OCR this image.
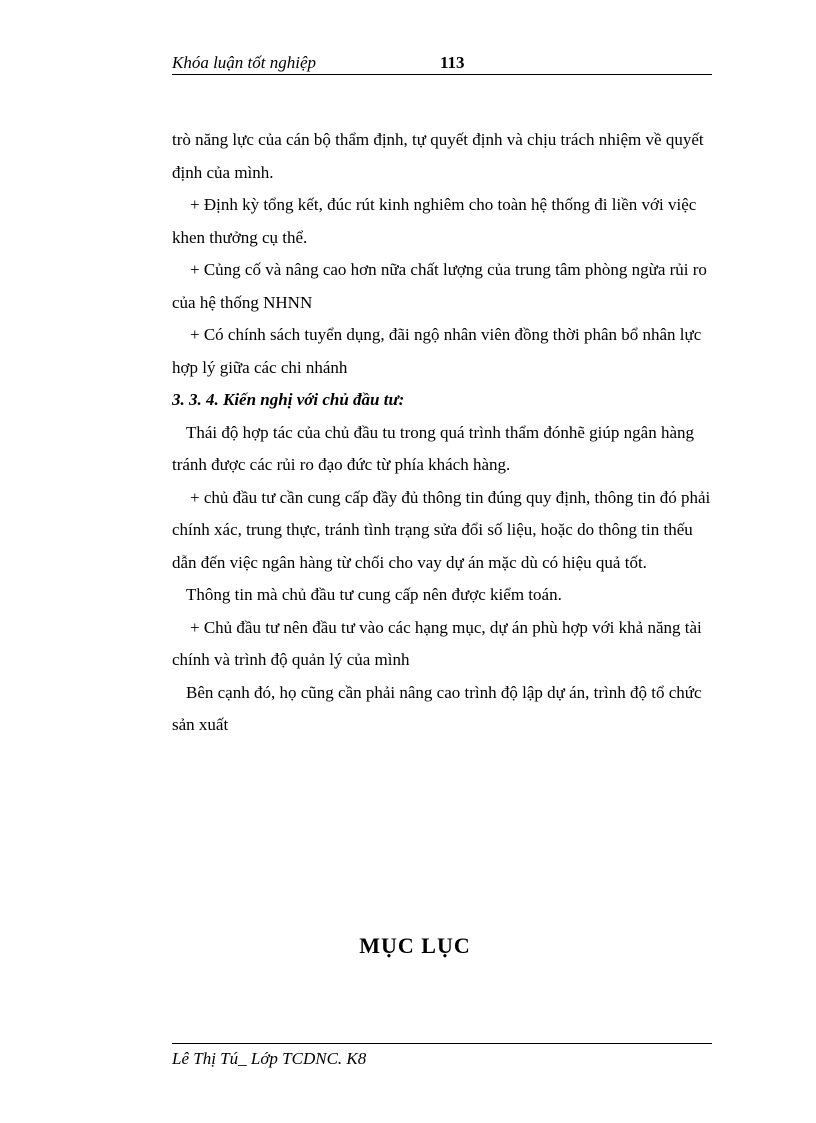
Khóa luận tốt nghiệp	113

trò năng lực của cán bộ thẩm định, tự quyết định và chịu trách nhiệm về quyết định của mình.

+ Định kỳ tổng kết, đúc rút kinh nghiêm cho toàn hệ thống đi liền với việc khen thưởng cụ thể.

+ Củng cố và nâng cao hơn nữa chất lượng của trung tâm phòng ngừa rủi ro của hệ thống NHNN

+ Có chính sách tuyển dụng, đãi ngộ nhân viên đồng thời phân bổ nhân lực hợp lý giữa các chi nhánh

3. 3. 4. Kiến nghị với chủ đầu tư:

Thái độ hợp tác của chủ đầu tu trong quá trình thẩm đónhẽ giúp ngân hàng tránh được các rủi ro đạo đức từ phía khách hàng.

+ chủ đầu tư cần cung cấp đầy đủ thông tin đúng quy định, thông tin đó phải chính xác, trung thực, tránh tình trạng sửa đổi số liệu, hoặc do thông tin thếu dẫn đến việc ngân hàng từ chối cho vay dự án mặc dù có hiệu quả tốt.

Thông tin mà chủ đầu tư cung cấp nên được kiểm toán.

+ Chủ đầu tư nên đầu tư vào các hạng mục, dự án phù hợp với khả năng tài chính và trình độ quản lý của mình

Bên cạnh đó, họ cũng cần phải nâng cao trình độ lập dự án, trình độ tổ chức sản xuất

MỤC LỤC
Lê Thị Tú_ Lớp TCDNC. K8
